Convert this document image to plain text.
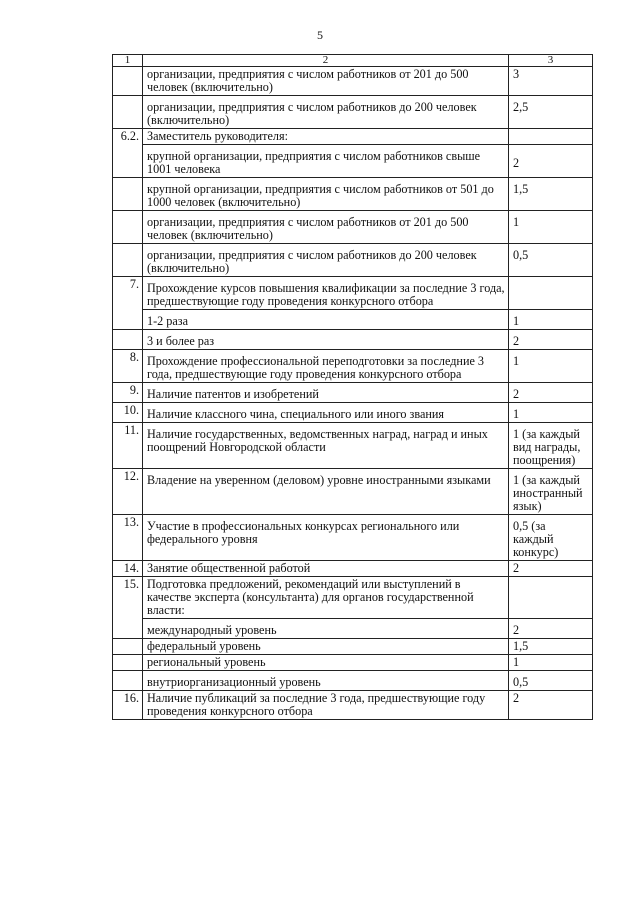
5
1	2	3
	организации, предприятия с числом работников от 201 до 500 человек (включительно)	3
	организации, предприятия с числом работников до 200 человек (включительно)	2,5
6.2.	Заместитель руководителя:	
	крупной организации, предприятия с числом работников свыше 1001 человека	2
	крупной организации, предприятия с числом работников от 501 до 1000 человек (включительно)	1,5
	организации, предприятия с числом работников от 201 до 500 человек (включительно)	1
	организации, предприятия с числом работников до 200 человек (включительно)	0,5
7.	Прохождение курсов повышения квалификации за последние 3 года, предшествующие году проведения конкурсного отбора	
	1-2 раза	1
	3 и более раз	2
8.	Прохождение профессиональной переподготовки за последние 3 года, предшествующие году проведения конкурсного отбора	1
9.	Наличие патентов и изобретений	2
10.	Наличие классного чина, специального или иного звания	1
11.	Наличие государственных, ведомственных наград, наград и иных поощрений Новгородской области	1 (за каждый вид награды, поощрения)
12.	Владение на уверенном (деловом) уровне иностранными языками	1 (за каждый иностранный язык)
13.	Участие в профессиональных конкурсах регионального или федерального уровня	0,5 (за каждый конкурс)
14.	Занятие общественной работой	2
15.	Подготовка предложений, рекомендаций или выступлений в качестве эксперта (консультанта) для органов государственной власти:	
	международный уровень	2
	федеральный уровень	1,5
	региональный уровень	1
	внутриорганизационный уровень	0,5
16.	Наличие публикаций за последние 3 года, предшествующие году проведения конкурсного отбора	2
